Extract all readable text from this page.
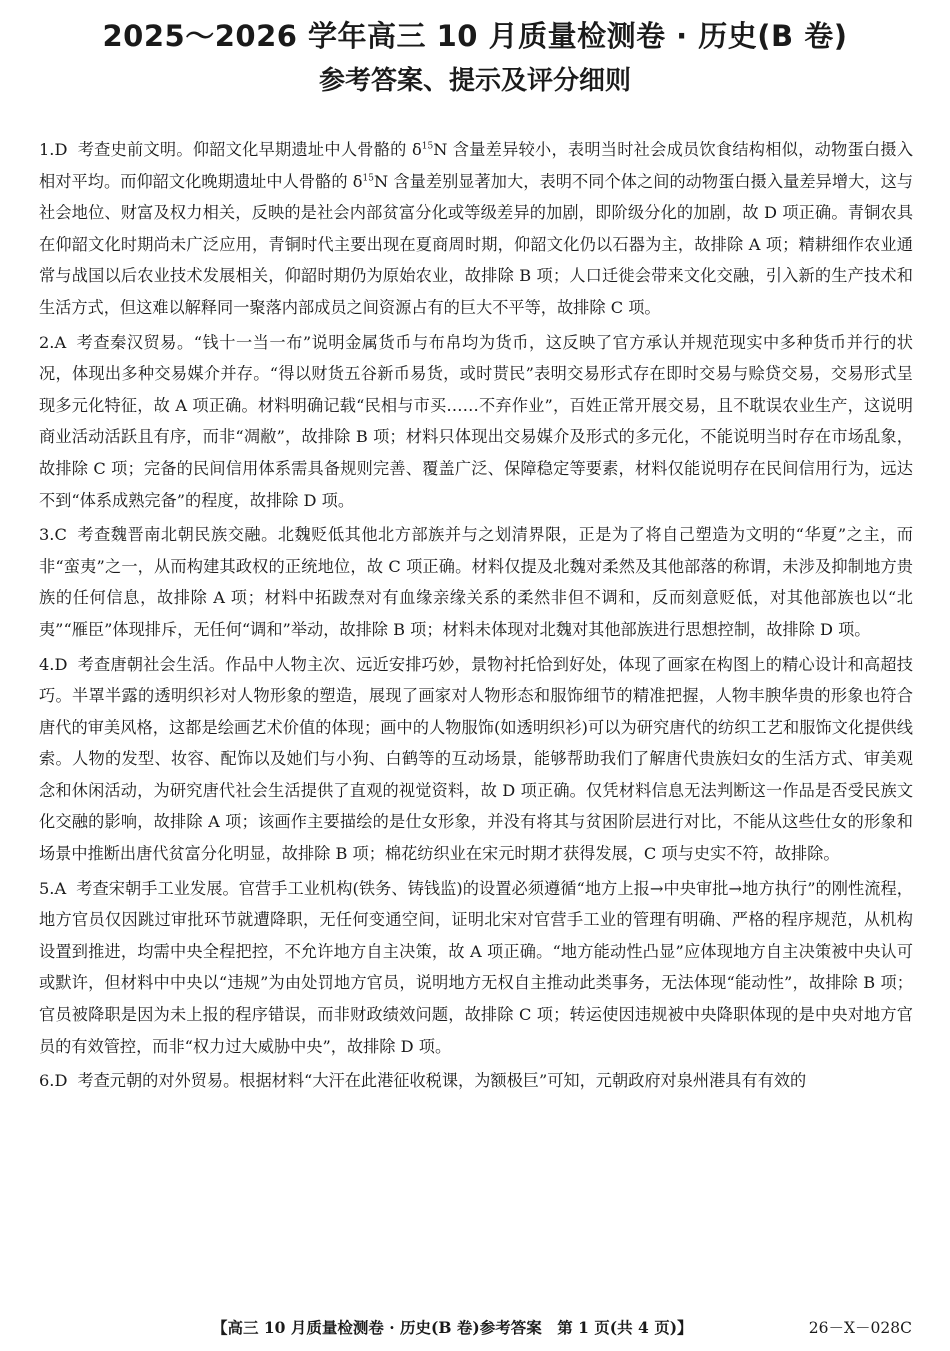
2025～2026 学年高三 10 月质量检测卷 · 历史(B 卷)
参考答案、提示及评分细则

1.D 考查史前文明。仰韶文化早期遗址中人骨骼的 $\delta^{15}N$ 含量差异较小，表明当时社会成员饮食结构相似，动物蛋白摄入相对平均。而仰韶文化晚期遗址中人骨骼的 $\delta^{15}N$ 含量差别显著加大，表明不同个体之间的动物蛋白摄入量差异增大，这与社会地位、财富及权力相关，反映的是社会内部贫富分化或等级差异的加剧，即阶级分化的加剧，故 D 项正确。青铜农具在仰韶文化时期尚未广泛应用，青铜时代主要出现在夏商周时期，仰韶文化仍以石器为主，故排除 A 项；精耕细作农业通常与战国以后农业技术发展相关，仰韶时期仍为原始农业，故排除 B 项；人口迁徙会带来文化交融，引入新的生产技术和生活方式，但这难以解释同一聚落内部成员之间资源占有的巨大不平等，故排除 C 项。

2.A 考查秦汉贸易。“钱十一当一布”说明金属货币与布帛均为货币，这反映了官方承认并规范现实中多种货币并行的状况，体现出多种交易媒介并存。“得以财货五谷新币易货，或时贳民”表明交易形式存在即时交易与赊贷交易，交易形式呈现多元化特征，故 A 项正确。材料明确记载“民相与市买……不弃作业”，百姓正常开展交易，且不耽误农业生产，这说明商业活动活跃且有序，而非“凋敝”，故排除 B 项；材料只体现出交易媒介及形式的多元化，不能说明当时存在市场乱象，故排除 C 项；完备的民间信用体系需具备规则完善、覆盖广泛、保障稳定等要素，材料仅能说明存在民间信用行为，远达不到“体系成熟完备”的程度，故排除 D 项。

3.C 考查魏晋南北朝民族交融。北魏贬低其他北方部族并与之划清界限，正是为了将自己塑造为文明的“华夏”之主，而非“蛮夷”之一，从而构建其政权的正统地位，故 C 项正确。材料仅提及北魏对柔然及其他部落的称谓，未涉及抑制地方贵族的任何信息，故排除 A 项；材料中拓跋焘对有血缘亲缘关系的柔然非但不调和，反而刻意贬低，对其他部族也以“北夷”“雁臣”体现排斥，无任何“调和”举动，故排除 B 项；材料未体现对北魏对其他部族进行思想控制，故排除 D 项。

4.D 考查唐朝社会生活。作品中人物主次、远近安排巧妙，景物衬托恰到好处，体现了画家在构图上的精心设计和高超技巧。半罩半露的透明织衫对人物形象的塑造，展现了画家对人物形态和服饰细节的精准把握，人物丰腴华贵的形象也符合唐代的审美风格，这都是绘画艺术价值的体现；画中的人物服饰(如透明织衫)可以为研究唐代的纺织工艺和服饰文化提供线索。人物的发型、妆容、配饰以及她们与小狗、白鹤等的互动场景，能够帮助我们了解唐代贵族妇女的生活方式、审美观念和休闲活动，为研究唐代社会生活提供了直观的视觉资料，故 D 项正确。仅凭材料信息无法判断这一作品是否受民族文化交融的影响，故排除 A 项；该画作主要描绘的是仕女形象，并没有将其与贫困阶层进行对比，不能从这些仕女的形象和场景中推断出唐代贫富分化明显，故排除 B 项；棉花纺织业在宋元时期才获得发展，C 项与史实不符，故排除。

5.A 考查宋朝手工业发展。官营手工业机构(铁务、铸钱监)的设置必须遵循“地方上报→中央审批→地方执行”的刚性流程，地方官员仅因跳过审批环节就遭降职，无任何变通空间，证明北宋对官营手工业的管理有明确、严格的程序规范，从机构设置到推进，均需中央全程把控，不允许地方自主决策，故 A 项正确。“地方能动性凸显”应体现地方自主决策被中央认可或默许，但材料中中央以“违规”为由处罚地方官员，说明地方无权自主推动此类事务，无法体现“能动性”，故排除 B 项；官员被降职是因为未上报的程序错误，而非财政绩效问题，故排除 C 项；转运使因违规被中央降职体现的是中央对地方官员的有效管控，而非“权力过大威胁中央”，故排除 D 项。

6.D 考查元朝的对外贸易。根据材料“大汗在此港征收税课，为额极巨”可知，元朝政府对泉州港具有有效的

【高三 10 月质量检测卷 · 历史(B 卷)参考答案　第 1 页(共 4 页)】	26－X－028C
